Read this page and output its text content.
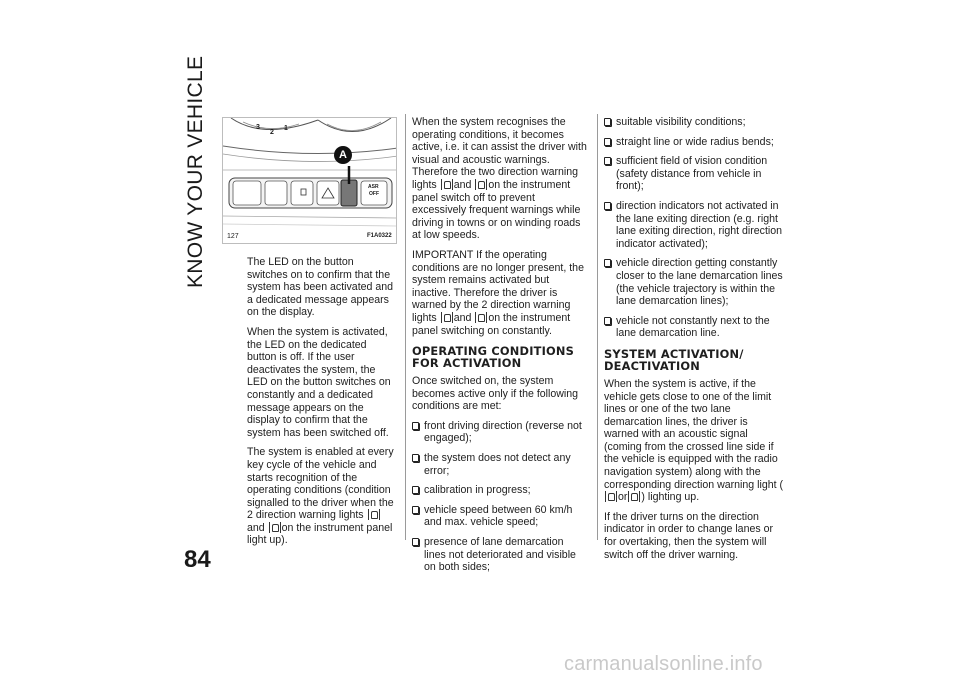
KNOW YOUR VEHICLE	A
3
2
1
ASR
OFF
127	F1A0322

The LED on the button switches on to confirm that the system has been activated and a dedicated message appears on the display.

When the system is activated, the LED on the dedicated button is off. If the user deactivates the system, the LED on the button switches on constantly and a dedicated message appears on the display to confirm that the system has been switched off.

The system is enabled at every key cycle of the vehicle and starts recognition of the operating conditions (condition signalled to the driver when the 2 direction warning lights and on the instrument panel light up).

When the system recognises the operating conditions, it becomes active, i.e. it can assist the driver with visual and acoustic warnings. Therefore the two direction warning lights and on the instrument panel switch off to prevent excessively frequent warnings while driving in towns or on winding roads at low speeds.

IMPORTANT If the operating conditions are no longer present, the system remains activated but inactive. Therefore the driver is warned by the 2 direction warning lights and on the instrument panel switching on constantly.

OPERATING CONDITIONS
FOR ACTIVATION

Once switched on, the system becomes active only if the following conditions are met:

front driving direction (reverse not engaged);
the system does not detect any error;
calibration in progress;
vehicle speed between 60 km/h and max. vehicle speed;
presence of lane demarcation lines not deteriorated and visible on both sides;
suitable visibility conditions;
straight line or wide radius bends;
sufficient field of vision condition (safety distance from vehicle in front);
direction indicators not activated in the lane exiting direction (e.g. right lane exiting direction, right direction indicator activated);
vehicle direction getting constantly closer to the lane demarcation lines (the vehicle trajectory is within the lane demarcation lines);
vehicle not constantly next to the lane demarcation line.
SYSTEM ACTIVATION/
DEACTIVATION

When the system is active, if the vehicle gets close to one of the limit lines or one of the two lane demarcation lines, the driver is warned with an acoustic signal (coming from the crossed line side if the vehicle is equipped with the radio navigation system) along with the corresponding direction warning light (or ) lighting up.

If the driver turns on the direction indicator in order to change lanes or for overtaking, then the system will switch off the driver warning.

84
carmanualsonline.info
